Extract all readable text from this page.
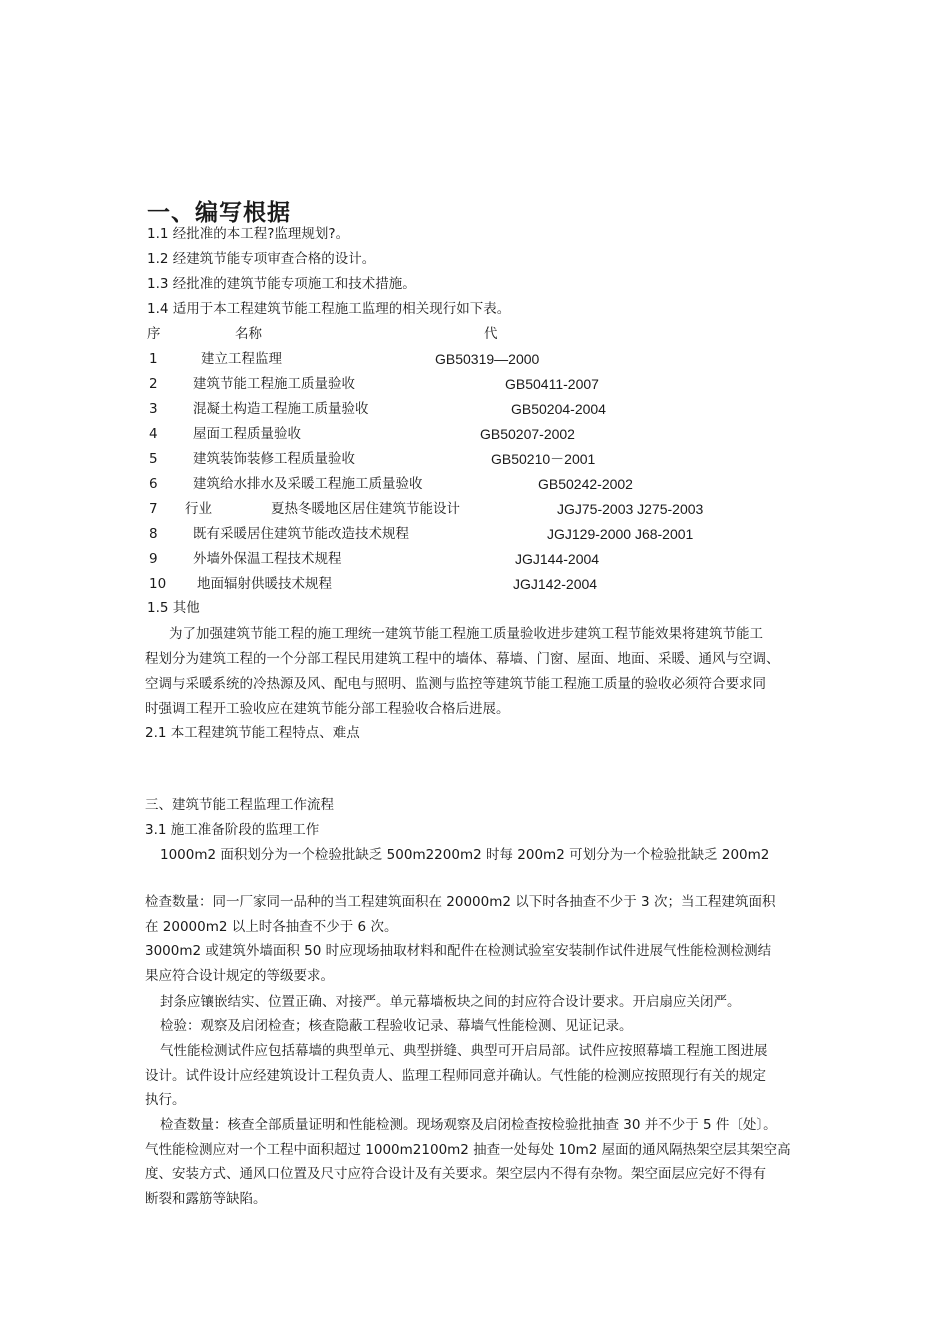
一、编写根据
1.1 经批准的本工程?监理规划?。
1.2 经建筑节能专项审查合格的设计。
1.3 经批准的建筑节能专项施工和技术措施。
1.4 适用于本工程建筑节能工程施工监理的相关现行如下表。
序	名称	代
1	建立工程监理	GB50319—2000
2	建筑节能工程施工质量验收	GB50411-2007
3	混凝土构造工程施工质量验收	GB50204-2004
4	屋面工程质量验收	GB50207-2002
5	建筑装饰装修工程质量验收	GB50210－2001
6	建筑给水排水及采暖工程施工质量验收	GB50242-2002
7 行业	夏热冬暖地区居住建筑节能设计	JGJ75-2003 J275-2003
8	既有采暖居住建筑节能改造技术规程	JGJ129-2000 J68-2001
9	外墙外保温工程技术规程	JGJ144-2004
10 地面辐射供暖技术规程	JGJ142-2004
1.5 其他
为了加强建筑节能工程的施工理统一建筑节能工程施工质量验收进步建筑工程节能效果将建筑节能工
程划分为建筑工程的一个分部工程民用建筑工程中的墙体、幕墙、门窗、屋面、地面、采暖、通风与空调、
空调与采暖系统的冷热源及风、配电与照明、监测与监控等建筑节能工程施工质量的验收必须符合要求同
时强调工程开工验收应在建筑节能分部工程验收合格后进展。
2.1 本工程建筑节能工程特点、难点
三、建筑节能工程监理工作流程
3.1 施工准备阶段的监理工作
1000m2 面积划分为一个检验批缺乏 500m2200m2 时每 200m2 可划分为一个检验批缺乏 200m2
检查数量：同一厂家同一品种的当工程建筑面积在 20000m2 以下时各抽查不少于 3 次；当工程建筑面积
在 20000m2 以上时各抽查不少于 6 次。
3000m2 或建筑外墙面积 50 时应现场抽取材料和配件在检测试验室安装制作试件进展气性能检测检测结
果应符合设计规定的等级要求。
封条应镶嵌结实、位置正确、对接严。单元幕墙板块之间的封应符合设计要求。开启扇应关闭严。
检验：观察及启闭检查；核查隐蔽工程验收记录、幕墙气性能检测、见证记录。
气性能检测试件应包括幕墙的典型单元、典型拼缝、典型可开启局部。试件应按照幕墙工程施工图进展
设计。试件设计应经建筑设计工程负责人、监理工程师同意并确认。气性能的检测应按照现行有关的规定
执行。
检查数量：核查全部质量证明和性能检测。现场观察及启闭检查按检验批抽查 30 并不少于 5 件〔处〕。
气性能检测应对一个工程中面积超过 1000m2100m2 抽查一处每处 10m2 屋面的通风隔热架空层其架空高
度、安装方式、通风口位置及尺寸应符合设计及有关要求。架空层内不得有杂物。架空面层应完好不得有
断裂和露筋等缺陷。
